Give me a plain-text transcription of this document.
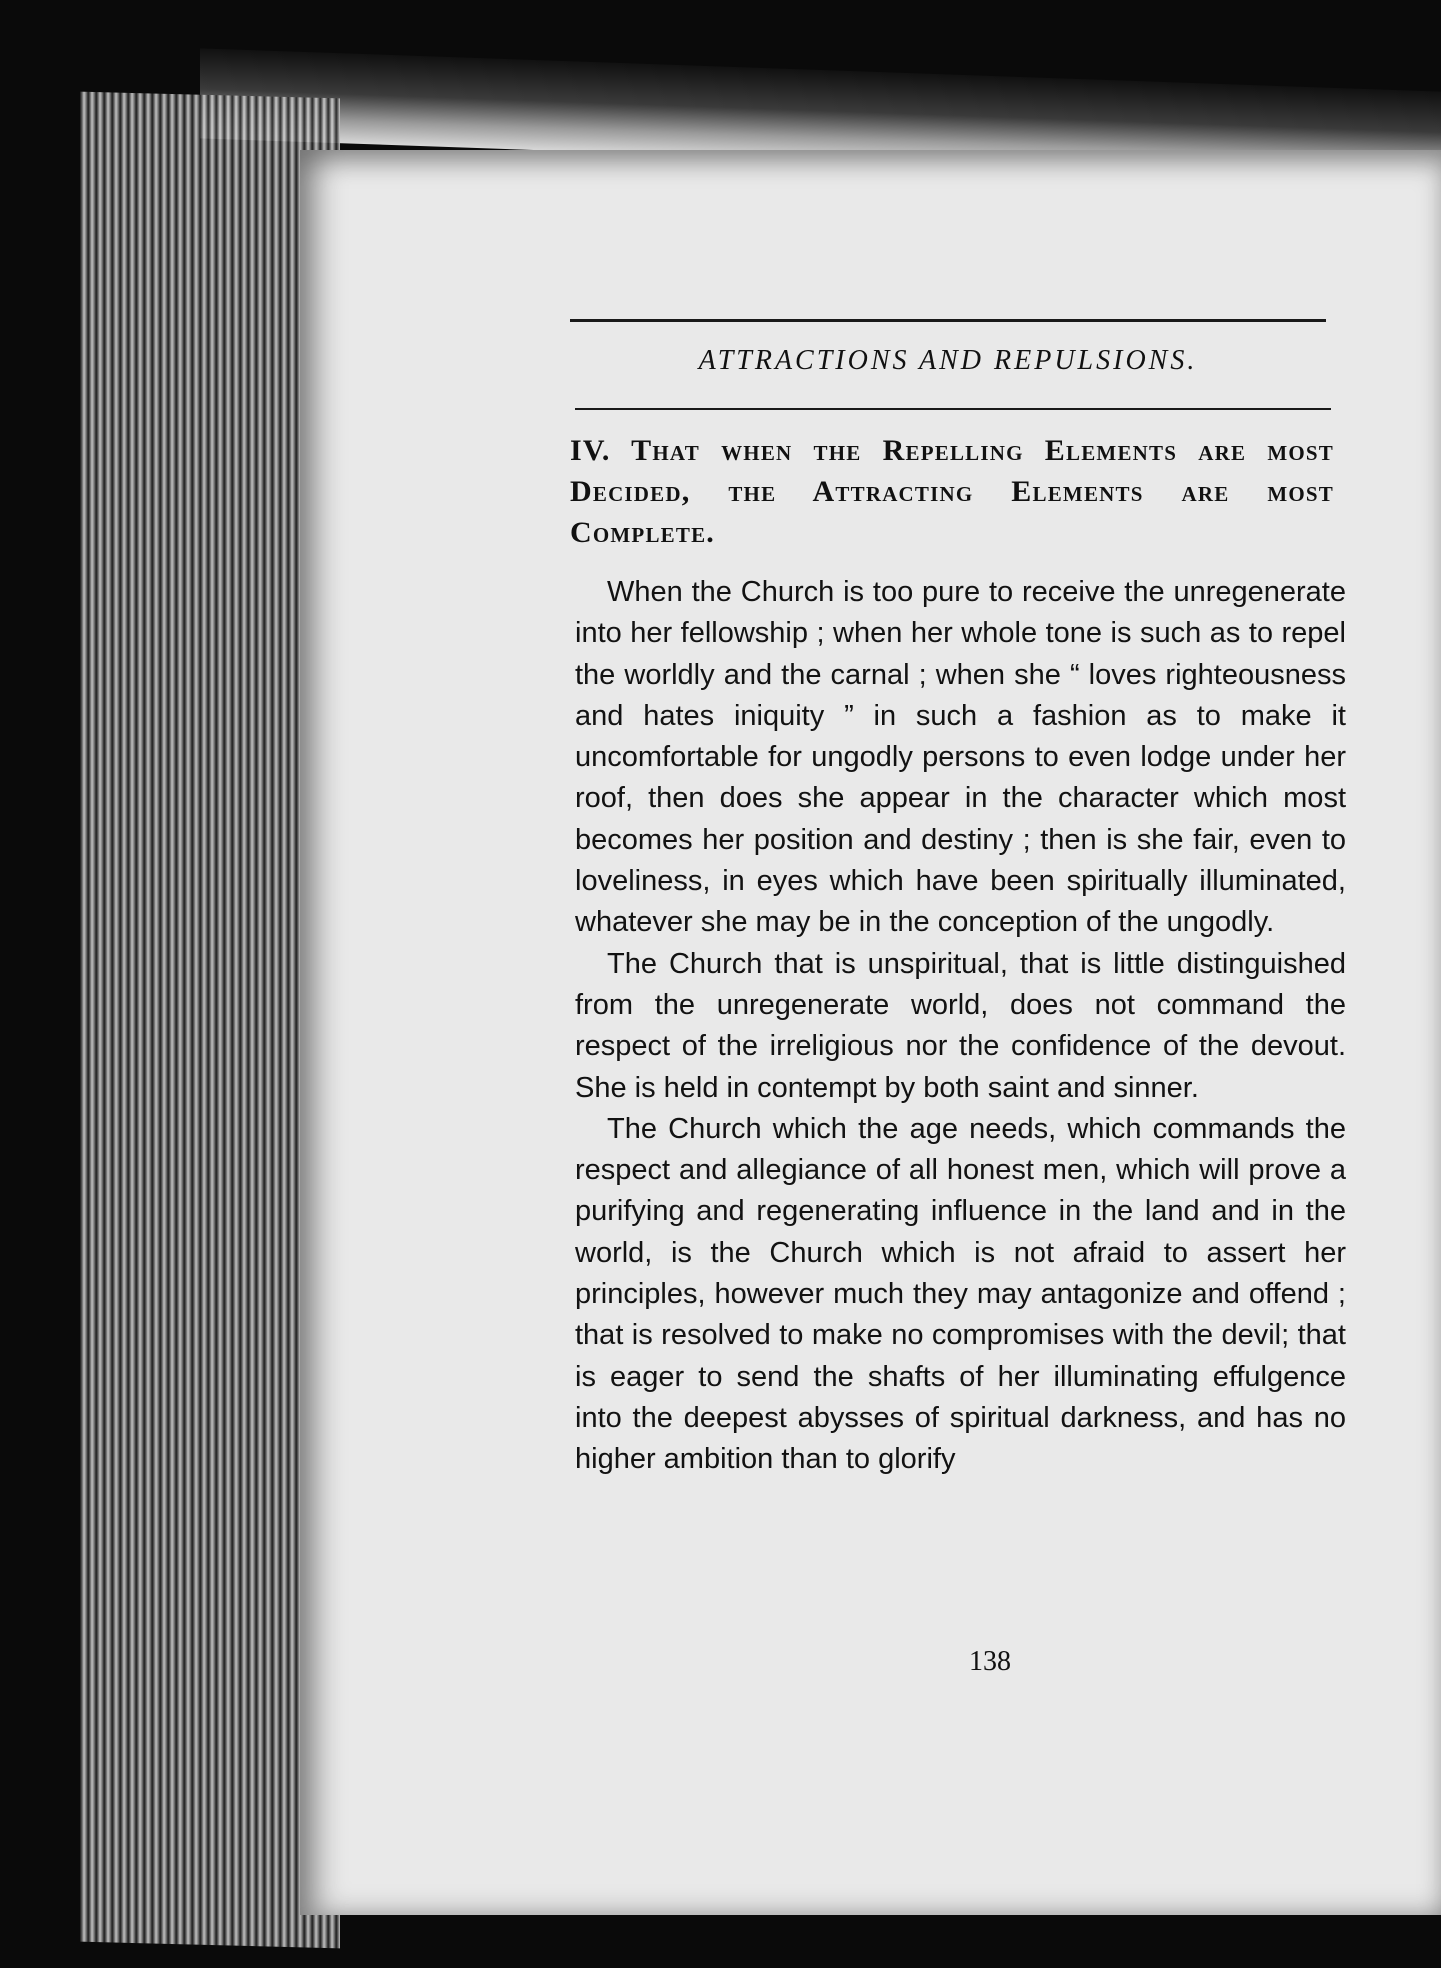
ATTRACTIONS AND REPULSIONS.
IV. That when the Repelling Elements are most Decided, the Attracting Elements are most Complete.

When the Church is too pure to receive the unregenerate into her fellowship ; when her whole tone is such as to repel the worldly and the carnal ; when she “ loves righteousness and hates iniquity ” in such a fashion as to make it uncomfortable for ungodly persons to even lodge under her roof, then does she appear in the character which most becomes her position and destiny ; then is she fair, even to loveliness, in eyes which have been spiritually illuminated, whatever she may be in the conception of the ungodly.

The Church that is unspiritual, that is little distinguished from the unregenerate world, does not command the respect of the irreligious nor the confidence of the devout. She is held in contempt by both saint and sinner.

The Church which the age needs, which commands the respect and allegiance of all honest men, which will prove a purifying and regenerating influence in the land and in the world, is the Church which is not afraid to assert her principles, however much they may antagonize and offend ; that is resolved to make no compromises with the devil; that is eager to send the shafts of her illuminating effulgence into the deepest abysses of spiritual darkness, and has no higher ambition than to glorify

138
